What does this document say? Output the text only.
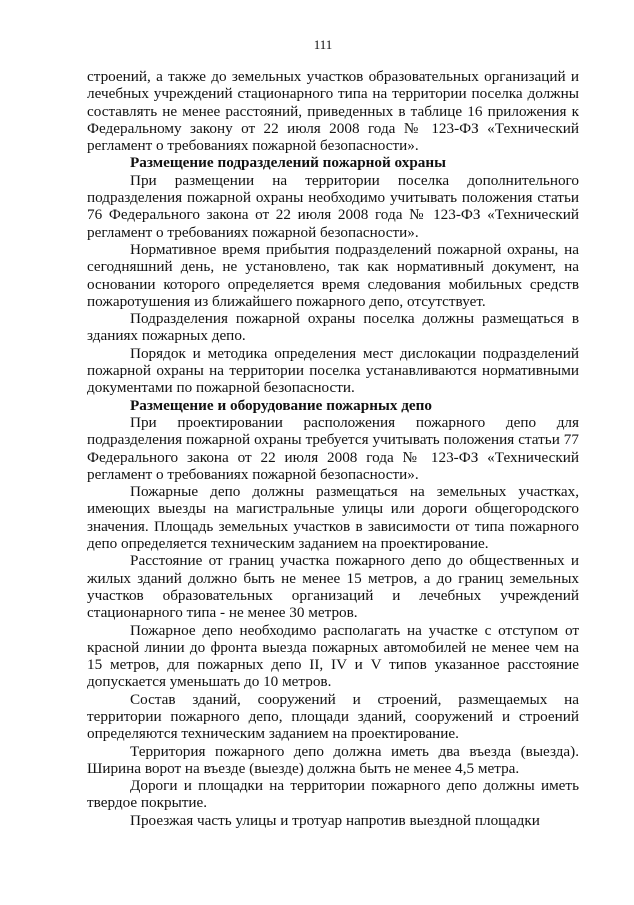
111

строений, а также до земельных участков образовательных организаций и лечебных учреждений стационарного типа на территории поселка должны составлять не менее расстояний, приведенных в таблице 16 приложения к Федеральному закону от 22 июля 2008 года № 123-ФЗ «Технический регламент о требованиях пожарной безопасности».

Размещение подразделений пожарной охраны

При размещении на территории поселка дополнительного подразделения пожарной охраны необходимо учитывать положения статьи 76 Федерального закона от 22 июля 2008 года № 123-ФЗ «Технический регламент о требованиях пожарной безопасности».

Нормативное время прибытия подразделений пожарной охраны, на сегодняшний день, не установлено, так как нормативный документ, на основании которого определяется время следования мобильных средств пожаротушения из ближайшего пожарного депо, отсутствует.

Подразделения пожарной охраны поселка должны размещаться в зданиях пожарных депо.

Порядок и методика определения мест дислокации подразделений пожарной охраны на территории поселка устанавливаются нормативными документами по пожарной безопасности.

Размещение и оборудование пожарных депо

При проектировании расположения пожарного депо для подразделения пожарной охраны требуется учитывать положения статьи 77 Федерального закона от 22 июля 2008 года № 123-ФЗ «Технический регламент о требованиях пожарной безопасности».

Пожарные депо должны размещаться на земельных участках, имеющих выезды на магистральные улицы или дороги общегородского значения. Площадь земельных участков в зависимости от типа пожарного депо определяется техническим заданием на проектирование.

Расстояние от границ участка пожарного депо до общественных и жилых зданий должно быть не менее 15 метров, а до границ земельных участков образовательных организаций и лечебных учреждений стационарного типа - не менее 30 метров.

Пожарное депо необходимо располагать на участке с отступом от красной линии до фронта выезда пожарных автомобилей не менее чем на 15 метров, для пожарных депо II, IV и V типов указанное расстояние допускается уменьшать до 10 метров.

Состав зданий, сооружений и строений, размещаемых на территории пожарного депо, площади зданий, сооружений и строений определяются техническим заданием на проектирование.

Территория пожарного депо должна иметь два въезда (выезда). Ширина ворот на въезде (выезде) должна быть не менее 4,5 метра.

Дороги и площадки на территории пожарного депо должны иметь твердое покрытие.

Проезжая часть улицы и тротуар напротив выездной площадки
